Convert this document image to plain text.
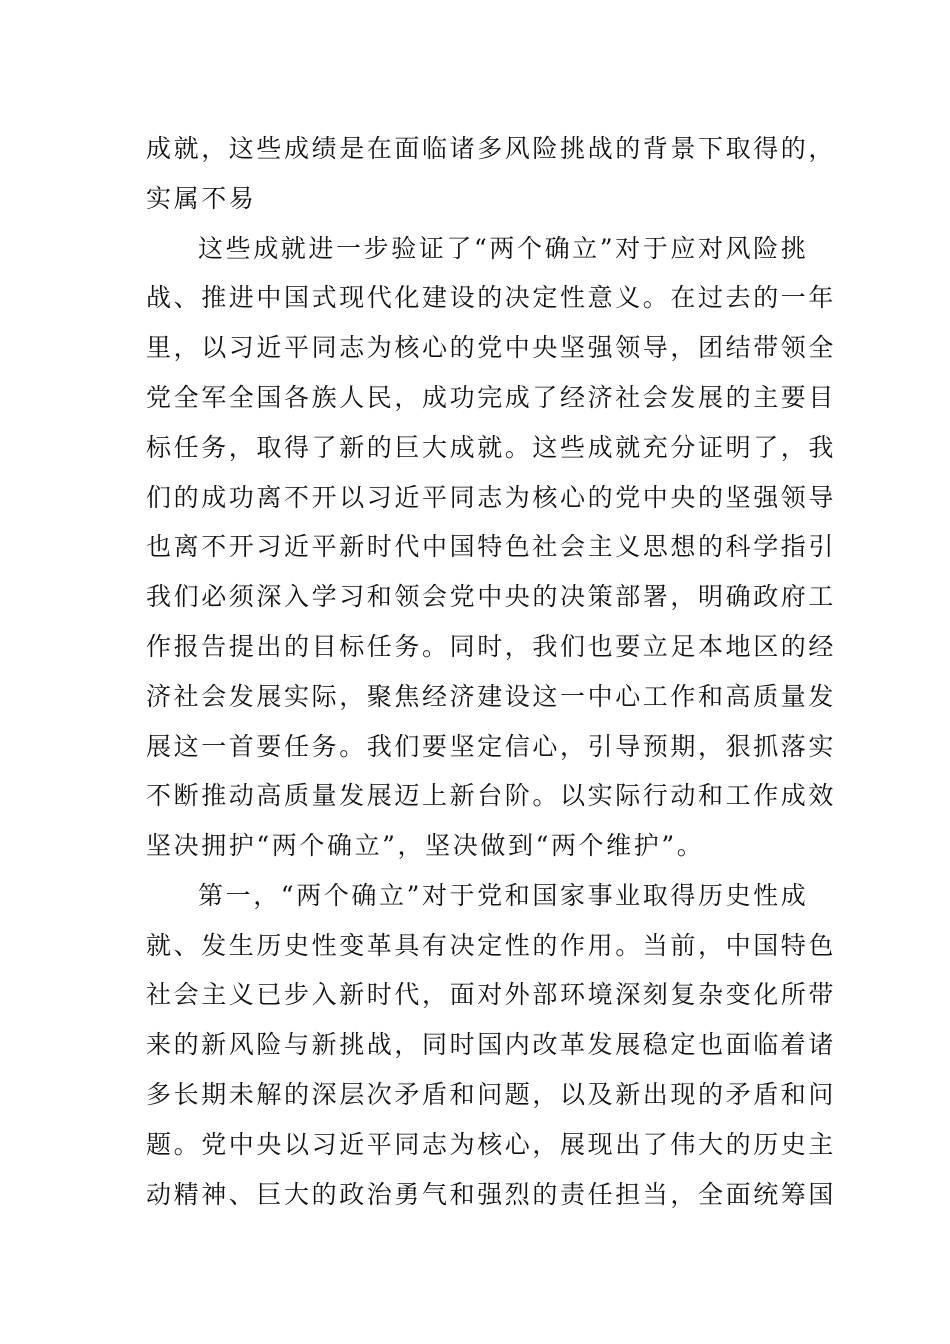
成就，这些成绩是在面临诸多风险挑战的背景下取得的，
实属不易
这些成就进一步验证了“两个确立”对于应对风险挑
战、推进中国式现代化建设的决定性意义。在过去的一年
里，以习近平同志为核心的党中央坚强领导，团结带领全
党全军全国各族人民，成功完成了经济社会发展的主要目
标任务，取得了新的巨大成就。这些成就充分证明了，我
们的成功离不开以习近平同志为核心的党中央的坚强领导
也离不开习近平新时代中国特色社会主义思想的科学指引
我们必须深入学习和领会党中央的决策部署，明确政府工
作报告提出的目标任务。同时，我们也要立足本地区的经
济社会发展实际，聚焦经济建设这一中心工作和高质量发
展这一首要任务。我们要坚定信心，引导预期，狠抓落实
不断推动高质量发展迈上新台阶。以实际行动和工作成效
坚决拥护“两个确立”，坚决做到“两个维护”。
第一，“两个确立”对于党和国家事业取得历史性成
就、发生历史性变革具有决定性的作用。当前，中国特色
社会主义已步入新时代，面对外部环境深刻复杂变化所带
来的新风险与新挑战，同时国内改革发展稳定也面临着诸
多长期未解的深层次矛盾和问题，以及新出现的矛盾和问
题。党中央以习近平同志为核心，展现出了伟大的历史主
动精神、巨大的政治勇气和强烈的责任担当，全面统筹国
